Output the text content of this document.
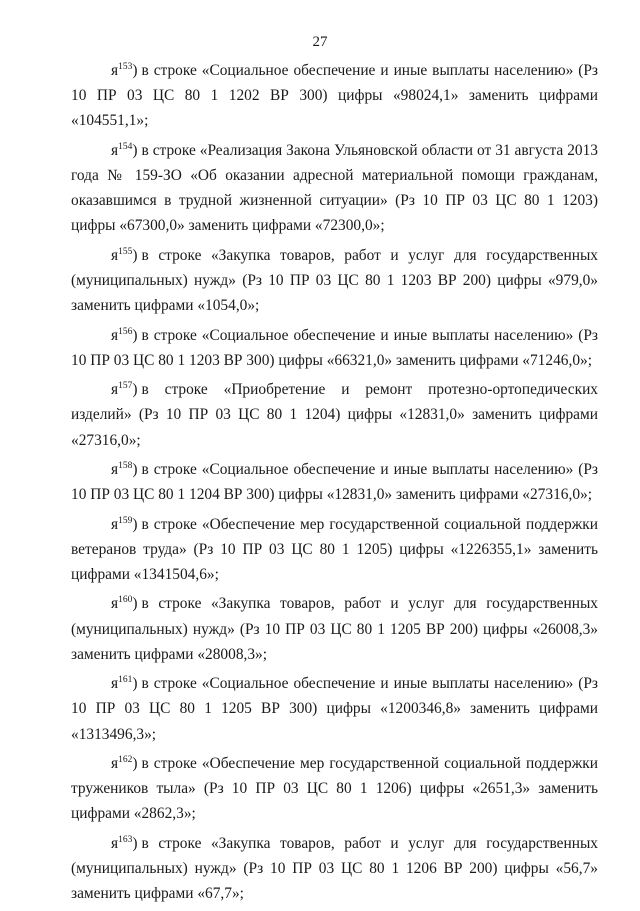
27

$я^{153}$) в строке «Социальное обеспечение и иные выплаты населению» (Рз 10 ПР 03 ЦС 80 1 1202 ВР 300) цифры «98024,1» заменить цифрами «104551,1»;

$я^{154}$) в строке «Реализация Закона Ульяновской области от 31 августа 2013 года № 159-ЗО «Об оказании адресной материальной помощи гражданам, оказавшимся в трудной жизненной ситуации» (Рз 10 ПР 03 ЦС 80 1 1203) цифры «67300,0» заменить цифрами «72300,0»;

$я^{155}$) в строке «Закупка товаров, работ и услуг для государственных (муниципальных) нужд» (Рз 10 ПР 03 ЦС 80 1 1203 ВР 200) цифры «979,0» заменить цифрами «1054,0»;

$я^{156}$) в строке «Социальное обеспечение и иные выплаты населению» (Рз 10 ПР 03 ЦС 80 1 1203 ВР 300) цифры «66321,0» заменить цифрами «71246,0»;

$я^{157}$) в строке «Приобретение и ремонт протезно-ортопедических изделий» (Рз 10 ПР 03 ЦС 80 1 1204) цифры «12831,0» заменить цифрами «27316,0»;

$я^{158}$) в строке «Социальное обеспечение и иные выплаты населению» (Рз 10 ПР 03 ЦС 80 1 1204 ВР 300) цифры «12831,0» заменить цифрами «27316,0»;

$я^{159}$) в строке «Обеспечение мер государственной социальной поддержки ветеранов труда» (Рз 10 ПР 03 ЦС 80 1 1205) цифры «1226355,1» заменить цифрами «1341504,6»;

$я^{160}$) в строке «Закупка товаров, работ и услуг для государственных (муниципальных) нужд» (Рз 10 ПР 03 ЦС 80 1 1205 ВР 200) цифры «26008,3» заменить цифрами «28008,3»;

$я^{161}$) в строке «Социальное обеспечение и иные выплаты населению» (Рз 10 ПР 03 ЦС 80 1 1205 ВР 300) цифры «1200346,8» заменить цифрами «1313496,3»;

$я^{162}$) в строке «Обеспечение мер государственной социальной поддержки тружеников тыла» (Рз 10 ПР 03 ЦС 80 1 1206) цифры «2651,3» заменить цифрами «2862,3»;

$я^{163}$) в строке «Закупка товаров, работ и услуг для государственных (муниципальных) нужд» (Рз 10 ПР 03 ЦС 80 1 1206 ВР 200) цифры «56,7» заменить цифрами «67,7»;
